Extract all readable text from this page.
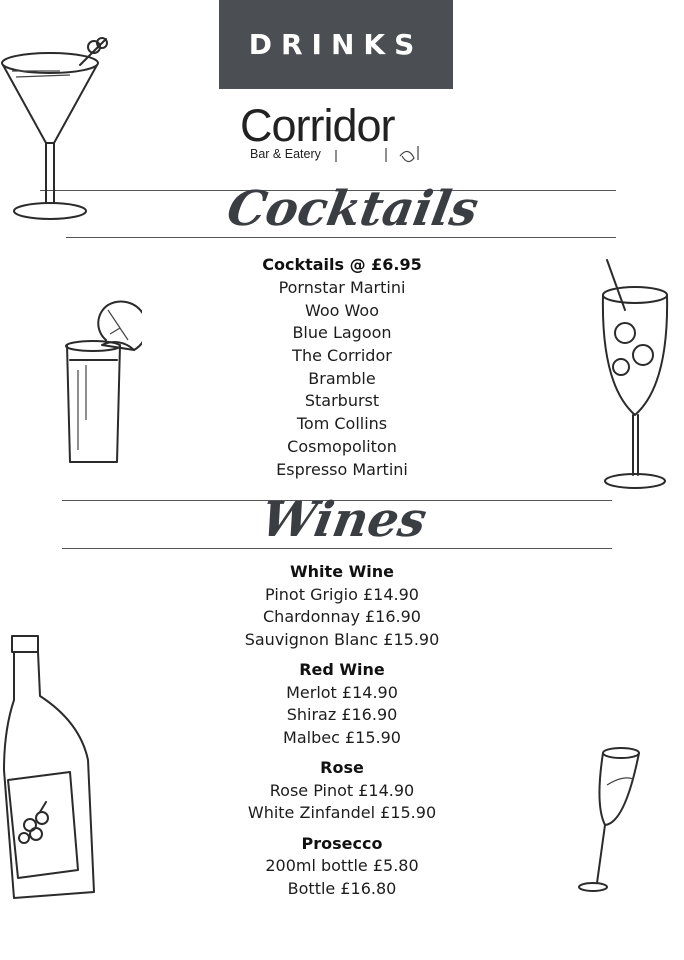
DRINKS
Corridor
Bar & Eatery
Cocktails
Cocktails @ £6.95
Pornstar Martini
Woo Woo
Blue Lagoon
The Corridor
Bramble
Starburst
Tom Collins
Cosmopoliton
Espresso Martini
Wines
White Wine
Pinot Grigio £14.90
Chardonnay £16.90
Sauvignon Blanc £15.90
Red Wine
Merlot £14.90
Shiraz £16.90
Malbec £15.90
Rose
Rose Pinot £14.90
White Zinfandel £15.90
Prosecco
200ml bottle £5.80
Bottle £16.80
